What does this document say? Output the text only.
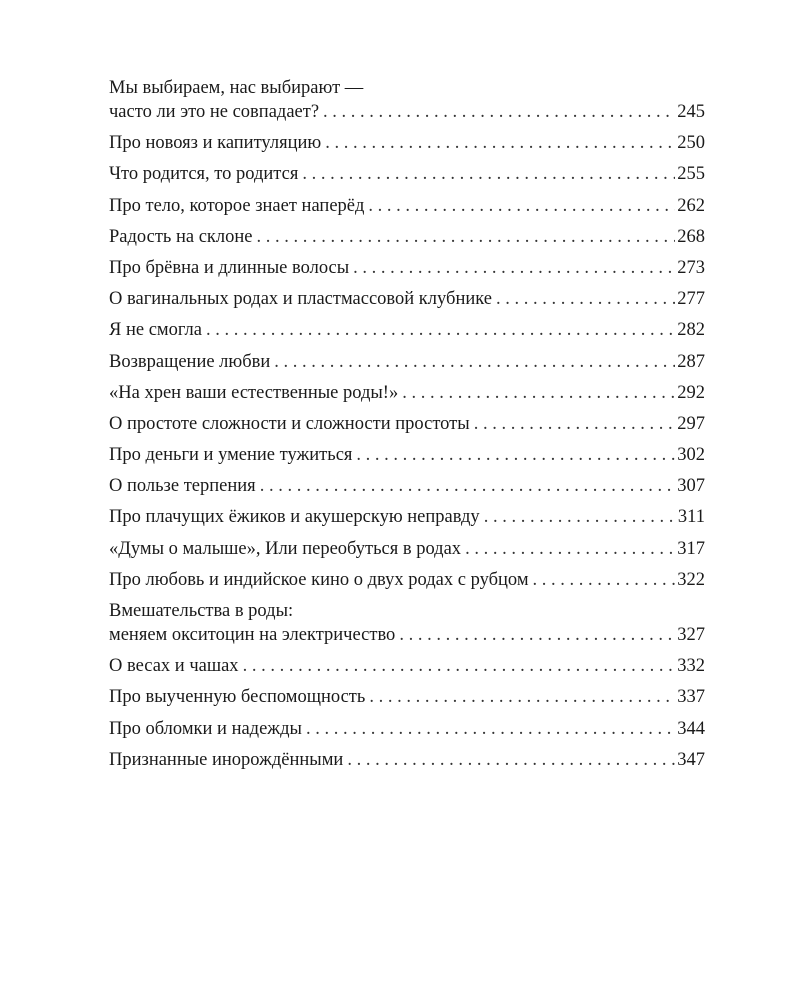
Мы выбираем, нас выбирают —
часто ли это не совпадает? . . .	245
Про новояз и капитуляцию . . .	250
Что родится, то родится . . .	255
Про тело, которое знает наперёд . . .	262
Радость на склоне . . .	268
Про брёвна и длинные волосы . . .	273
О вагинальных родах и пластмассовой клубнике . . .	277
Я не смогла . . .	282
Возвращение любви . . .	287
«На хрен ваши естественные роды!» . . .	292
О простоте сложности и сложности простоты . . .	297
Про деньги и умение тужиться . . .	302
О пользе терпения . . .	307
Про плачущих ёжиков и акушерскую неправду . . .	311
«Думы о малыше», Или переобуться в родах . . .	317
Про любовь и индийское кино о двух родах с рубцом . . .	322
Вмешательства в роды:
меняем окситоцин на электричество . . .	327
О весах и чашах . . .	332
Про выученную беспомощность . . .	337
Про обломки и надежды . . .	344
Признанные инорождёнными . . .	347
